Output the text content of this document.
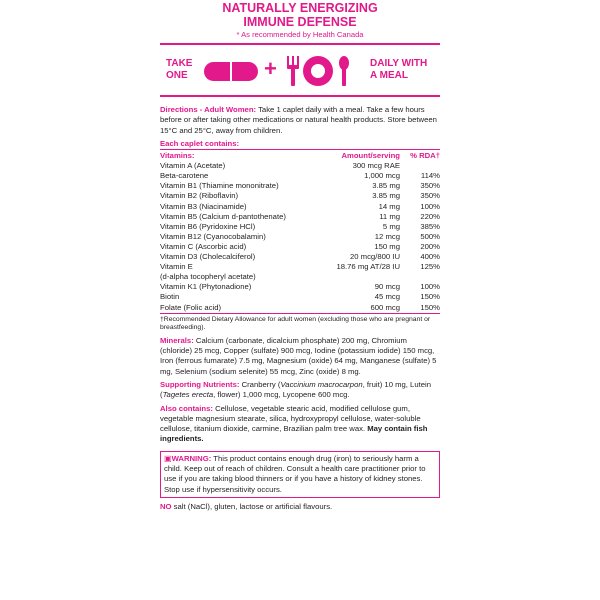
NATURALLY ENERGIZING
IMMUNE DEFENSE
* As recommended by Health Canada
TAKE
ONE	+	DAILY WITH
A MEAL
Directions - Adult Women: Take 1 caplet daily with a meal. Take a few hours before or after taking other medications or natural health products. Store between 15°C and 25°C, away from children.
Each caplet contains:
Vitamins:	Amount/serving	% RDA†
Vitamin A (Acetate)	300 mcg RAE	
Beta-carotene	1,000 mcg	114%
Vitamin B1 (Thiamine mononitrate)	3.85 mg	350%
Vitamin B2 (Riboflavin)	3.85 mg	350%
Vitamin B3 (Niacinamide)	14 mg	100%
Vitamin B5 (Calcium d-pantothenate)	11 mg	220%
Vitamin B6 (Pyridoxine HCl)	5 mg	385%
Vitamin B12 (Cyanocobalamin)	12 mcg	500%
Vitamin C (Ascorbic acid)	150 mg	200%
Vitamin D3 (Cholecalciferol)	20 mcg/800 IU	400%
Vitamin E	18.76 mg AT/28 IU	125%
(d-alpha tocopheryl acetate)		
Vitamin K1 (Phytonadione)	90 mcg	100%
Biotin	45 mcg	150%
Folate (Folic acid)	600 mcg	150%
†Recommended Dietary Allowance for adult women (excluding those who are pregnant or breastfeeding).
Minerals: Calcium (carbonate, dicalcium phosphate) 200 mg, Chromium (chloride) 25 mcg, Copper (sulfate) 900 mcg, Iodine (potassium iodide) 150 mcg, Iron (ferrous fumarate) 7.5 mg, Magnesium (oxide) 64 mg, Manganese (sulfate) 5 mg, Selenium (sodium selenite) 55 mcg, Zinc (oxide) 8 mg.
Supporting Nutrients: Cranberry (Vaccinium macrocarpon, fruit) 10 mg, Lutein (Tagetes erecta, flower) 1,000 mcg, Lycopene 600 mcg.
Also contains: Cellulose, vegetable stearic acid, modified cellulose gum, vegetable magnesium stearate, silica, hydroxypropyl cellulose, water-soluble cellulose, titanium dioxide, carmine, Brazilian palm tree wax. May contain fish ingredients.
▣WARNING: This product contains enough drug (iron) to seriously harm a child. Keep out of reach of children. Consult a health care practitioner prior to use if you are taking blood thinners or if you have a history of kidney stones. Stop use if hypersensitivity occurs.
NO salt (NaCl), gluten, lactose or artificial flavours.
